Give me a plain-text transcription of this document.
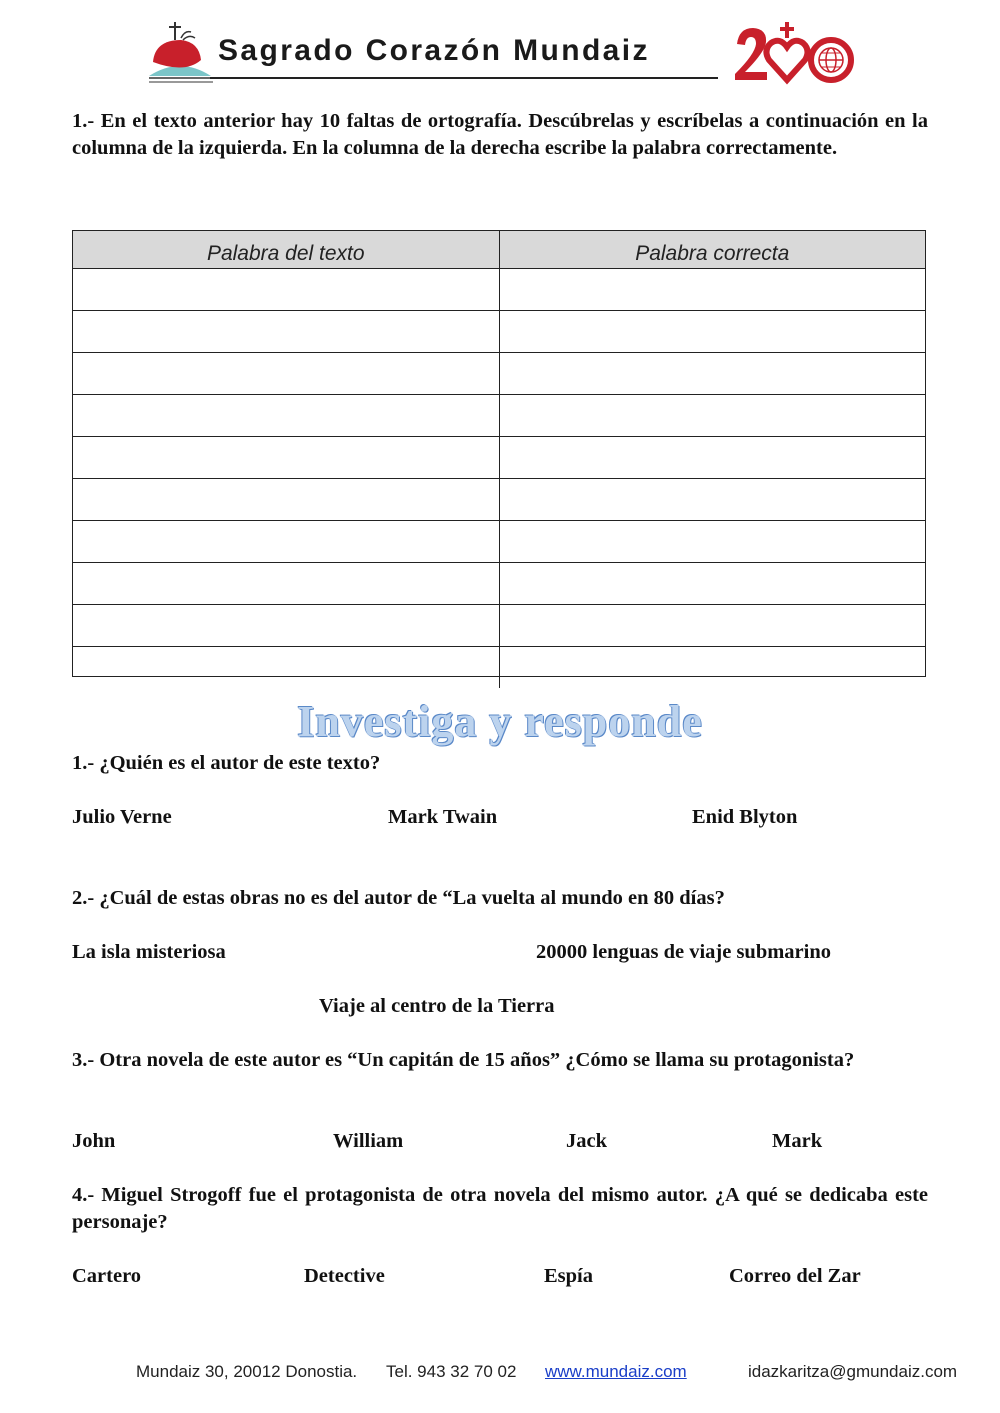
Sagrado Corazón Mundaiz
1.- En el texto anterior hay 10 faltas de ortografía. Descúbrelas y escríbelas a continuación en la columna de la izquierda. En la columna de la derecha escribe la palabra correctamente.
Palabra del texto	Palabra correcta
Investiga y responde
1.- ¿Quién es el autor de este texto?
Julio Verne	Mark Twain	Enid Blyton
2.- ¿Cuál de estas obras no es del autor de “La vuelta al mundo en 80 días?
La isla misteriosa	20000 lenguas de viaje submarino
Viaje al centro de la Tierra
3.- Otra novela de este autor es “Un capitán de 15 años” ¿Cómo se llama su protagonista?
John	William	Jack	Mark
4.- Miguel Strogoff fue el protagonista de otra novela del mismo autor. ¿A qué se dedicaba este personaje?
Cartero	Detective	Espía	Correo del Zar
Mundaiz 30, 20012 Donostia. Tel. 943 32 70 02 www.mundaiz.com	idazkaritza@gmundaiz.com
